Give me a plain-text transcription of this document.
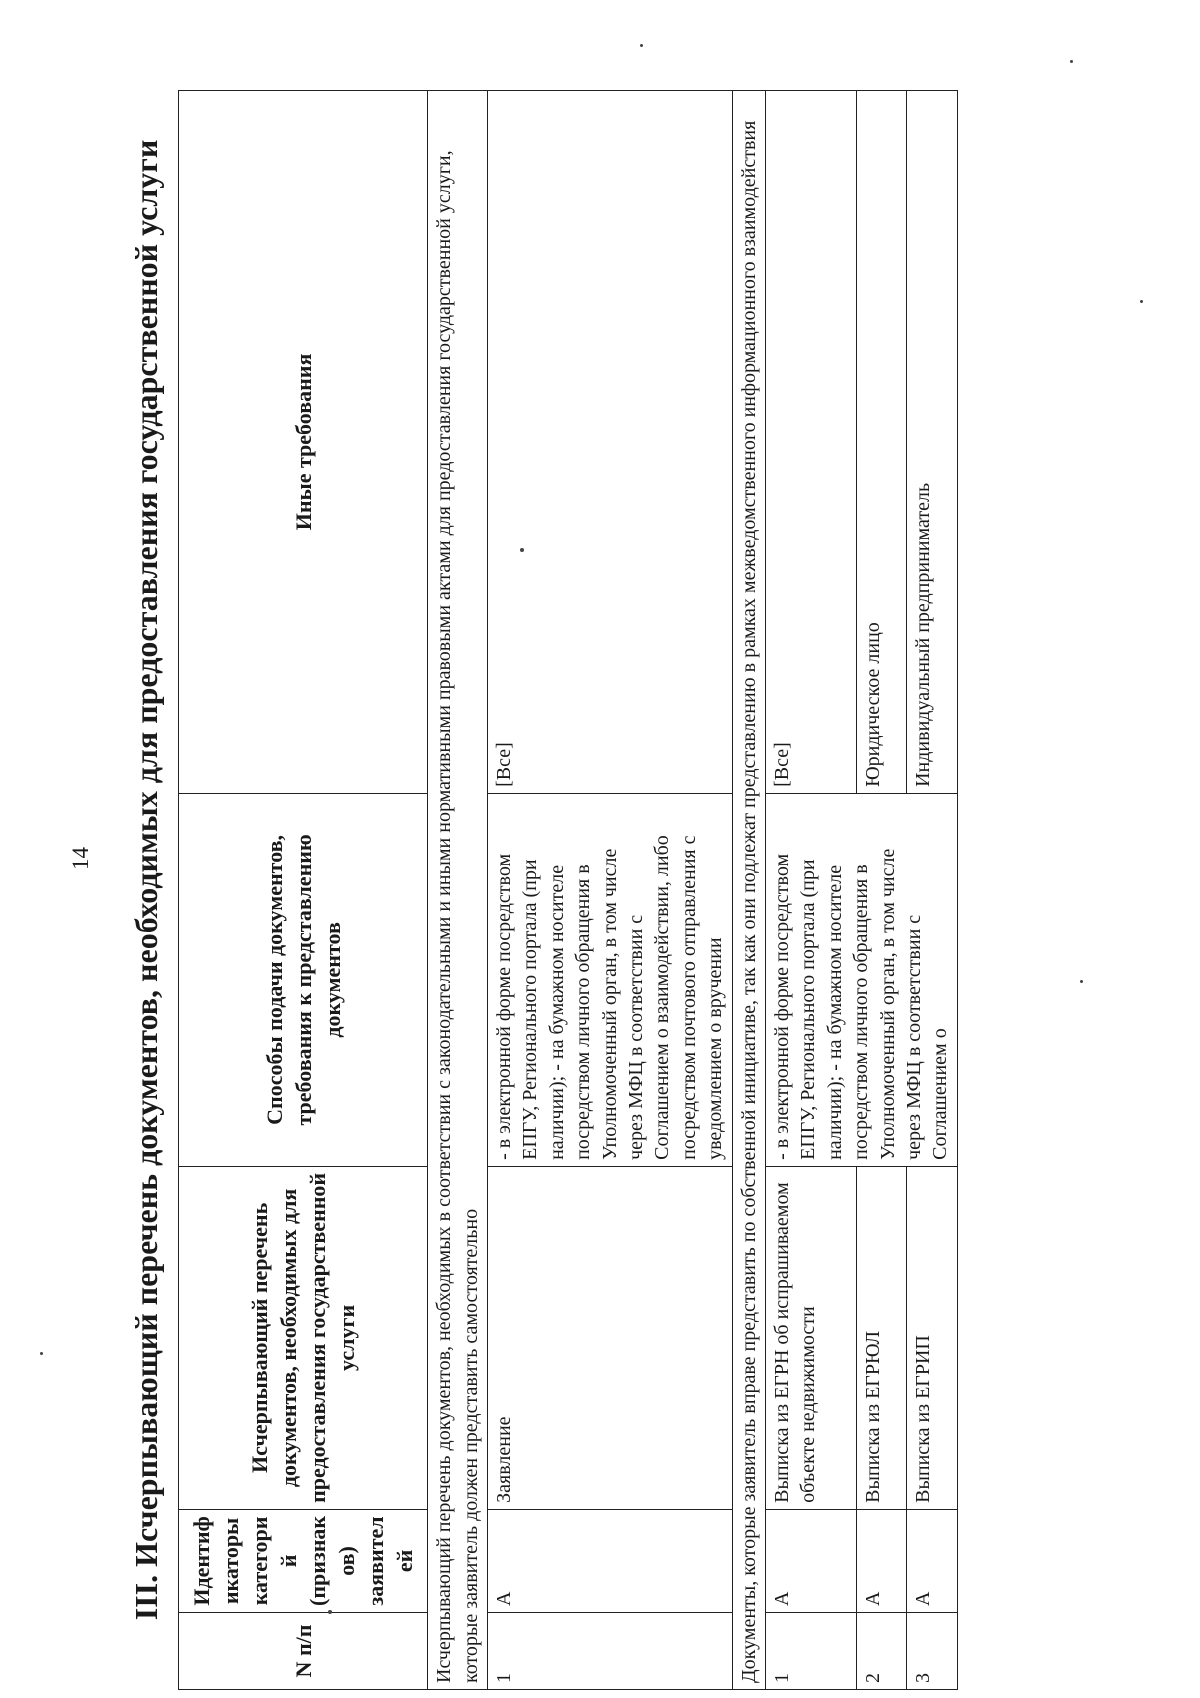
14 III. Исчерпывающий перечень документов, необходимых для предоставления государственной услуги
N п/п	Идентиф икаторы категори й (признак ов) заявител ей	Исчерпывающий перечень документов, необходимых для предоставления государственной услуги	Способы подачи документов, требования к представлению документов	Иные требования
Исчерпывающий перечень документов, необходимых в соответствии с законодательными и иными нормативными правовыми актами для предоставления государственной услуги, которые заявитель должен представить самостоятельно				
1	А	Заявление	- в электронной форме посредством ЕПГУ, Регионального портала (при наличии); - на бумажном носителе посредством личного обращения в Уполномоченный орган, в том числе через МФЦ в соответствии с Соглашением о взаимодействии, либо посредством почтового отправления с уведомлением о вручении	[Все]
Документы, которые заявитель вправе представить по собственной инициативе, так как они подлежат представлению в рамках межведомственного информационного взаимодействия				
1	А	Выписка из ЕГРН об испрашиваемом объекте недвижимости	- в электронной форме посредством ЕПГУ, Регионального портала (при наличии); - на бумажном носителе посредством личного обращения в Уполномоченный орган, в том числе через МФЦ в соответствии с Соглашением о	[Все]
2	А	Выписка из ЕГРЮЛ		Юридическое лицо
3	А	Выписка из ЕГРИП		Индивидуальный предприниматель
